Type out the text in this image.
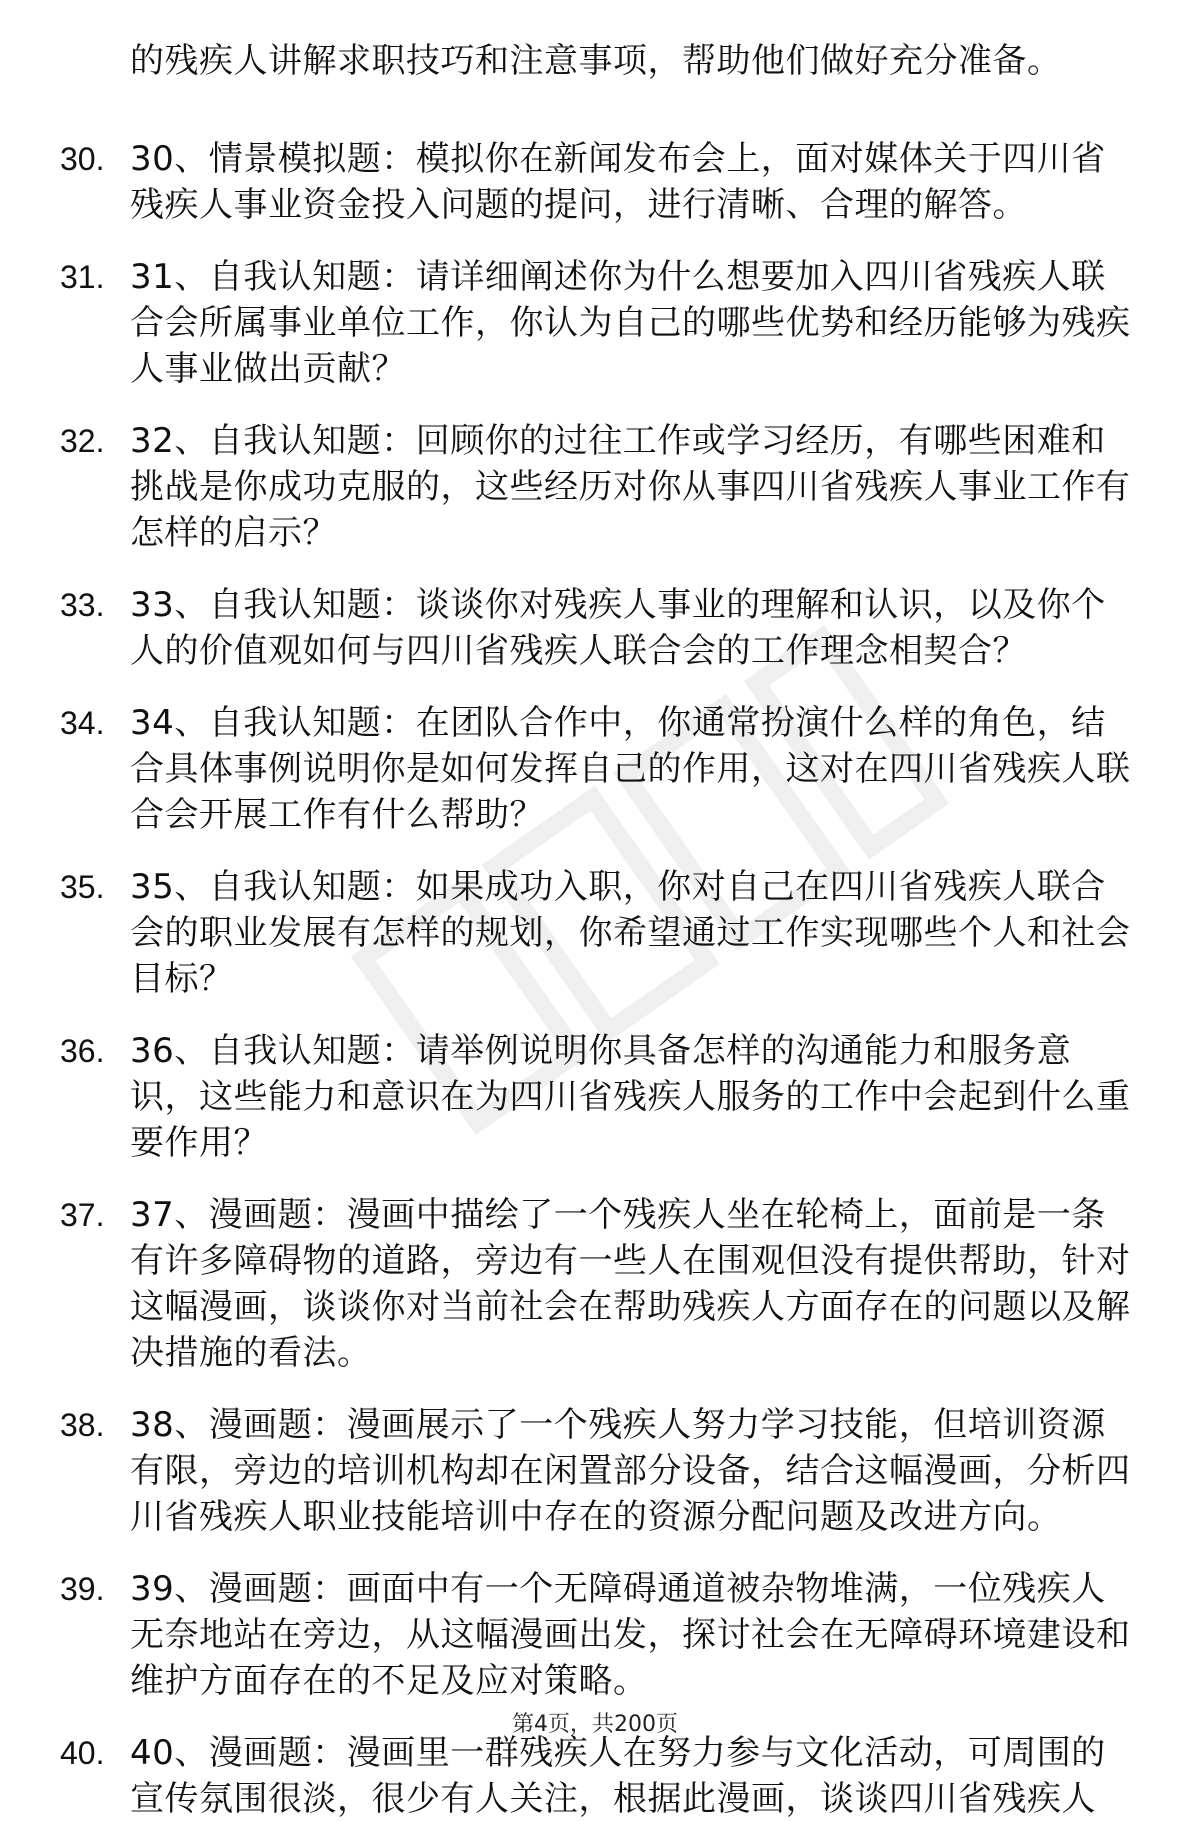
的残疾人讲解求职技巧和注意事项，帮助他们做好充分准备。
30. 30、情景模拟题：模拟你在新闻发布会上，面对媒体关于四川省残疾人事业资金投入问题的提问，进行清晰、合理的解答。
31. 31、自我认知题：请详细阐述你为什么想要加入四川省残疾人联合会所属事业单位工作，你认为自己的哪些优势和经历能够为残疾人事业做出贡献？
32. 32、自我认知题：回顾你的过往工作或学习经历，有哪些困难和挑战是你成功克服的，这些经历对你从事四川省残疾人事业工作有怎样的启示？
33. 33、自我认知题：谈谈你对残疾人事业的理解和认识，以及你个人的价值观如何与四川省残疾人联合会的工作理念相契合？
34. 34、自我认知题：在团队合作中，你通常扮演什么样的角色，结合具体事例说明你是如何发挥自己的作用，这对在四川省残疾人联合会开展工作有什么帮助？
35. 35、自我认知题：如果成功入职，你对自己在四川省残疾人联合会的职业发展有怎样的规划，你希望通过工作实现哪些个人和社会目标？
36. 36、自我认知题：请举例说明你具备怎样的沟通能力和服务意识，这些能力和意识在为四川省残疾人服务的工作中会起到什么重要作用？
37. 37、漫画题：漫画中描绘了一个残疾人坐在轮椅上，面前是一条有许多障碍物的道路，旁边有一些人在围观但没有提供帮助，针对这幅漫画，谈谈你对当前社会在帮助残疾人方面存在的问题以及解决措施的看法。
38. 38、漫画题：漫画展示了一个残疾人努力学习技能，但培训资源有限，旁边的培训机构却在闲置部分设备，结合这幅漫画，分析四川省残疾人职业技能培训中存在的资源分配问题及改进方向。
39. 39、漫画题：画面中有一个无障碍通道被杂物堆满，一位残疾人无奈地站在旁边，从这幅漫画出发，探讨社会在无障碍环境建设和维护方面存在的不足及应对策略。
40. 40、漫画题：漫画里一群残疾人在努力参与文化活动，可周围的宣传氛围很淡，很少有人关注，根据此漫画，谈谈四川省残疾人
第4页，共200页
